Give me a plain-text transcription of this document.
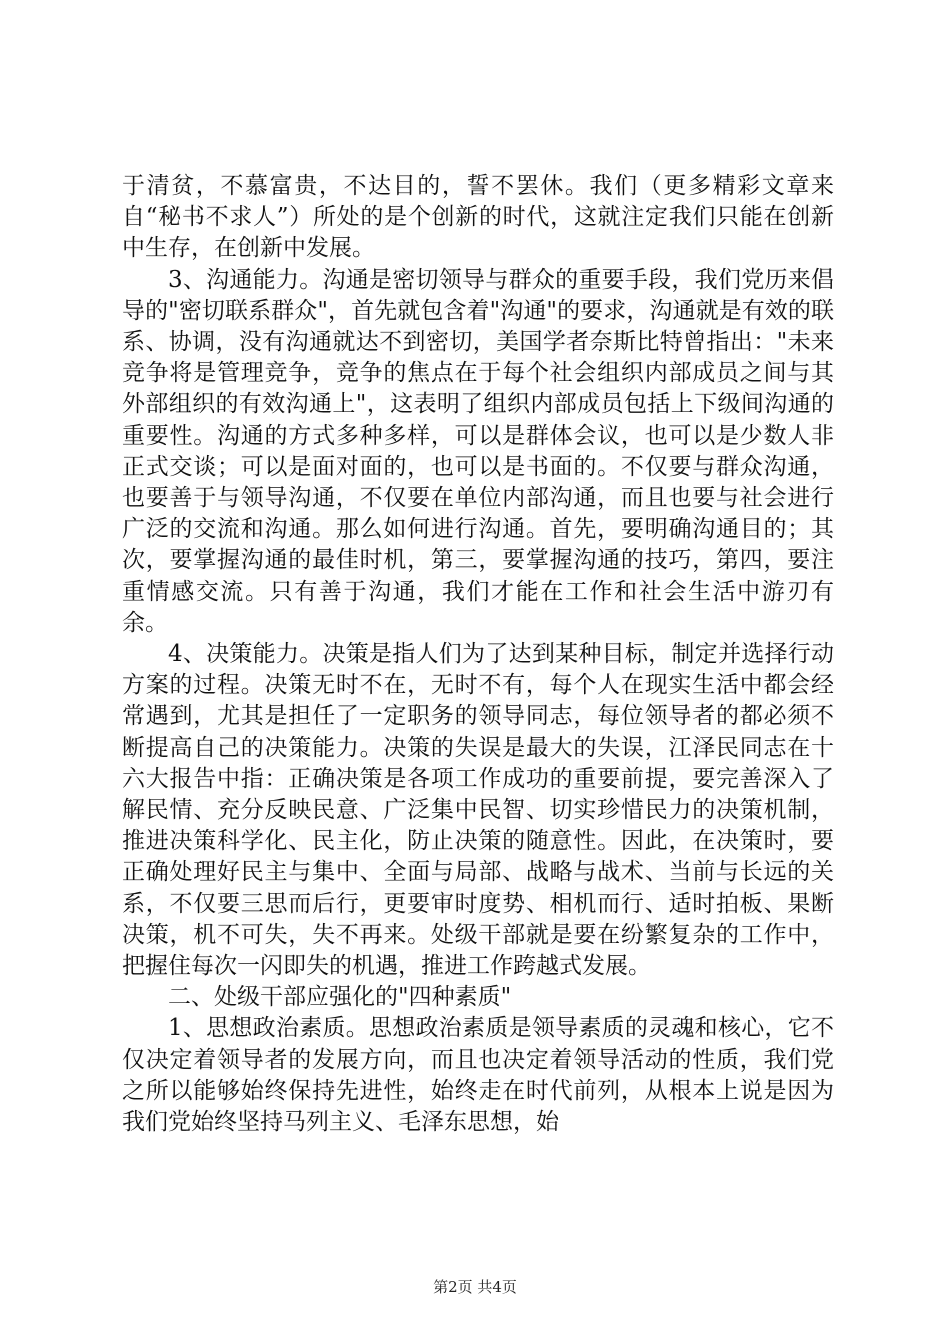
于清贫，不慕富贵，不达目的，誓不罢休。我们（更多精彩文章来自“秘书不求人”）所处的是个创新的时代，这就注定我们只能在创新中生存，在创新中发展。

3、沟通能力。沟通是密切领导与群众的重要手段，我们党历来倡导的"密切联系群众"，首先就包含着"沟通"的要求，沟通就是有效的联系、协调，没有沟通就达不到密切，美国学者奈斯比特曾指出："未来竞争将是管理竞争，竞争的焦点在于每个社会组织内部成员之间与其外部组织的有效沟通上"，这表明了组织内部成员包括上下级间沟通的重要性。沟通的方式多种多样，可以是群体会议，也可以是少数人非正式交谈；可以是面对面的，也可以是书面的。不仅要与群众沟通，也要善于与领导沟通，不仅要在单位内部沟通，而且也要与社会进行广泛的交流和沟通。那么如何进行沟通。首先，要明确沟通目的；其次，要掌握沟通的最佳时机，第三，要掌握沟通的技巧，第四，要注重情感交流。只有善于沟通，我们才能在工作和社会生活中游刃有余。

4、决策能力。决策是指人们为了达到某种目标，制定并选择行动方案的过程。决策无时不在，无时不有，每个人在现实生活中都会经常遇到，尤其是担任了一定职务的领导同志，每位领导者的都必须不断提高自己的决策能力。决策的失误是最大的失误，江泽民同志在十六大报告中指：正确决策是各项工作成功的重要前提，要完善深入了解民情、充分反映民意、广泛集中民智、切实珍惜民力的决策机制，推进决策科学化、民主化，防止决策的随意性。因此，在决策时，要正确处理好民主与集中、全面与局部、战略与战术、当前与长远的关系，不仅要三思而后行，更要审时度势、相机而行、适时拍板、果断决策，机不可失，失不再来。处级干部就是要在纷繁复杂的工作中，把握住每次一闪即失的机遇，推进工作跨越式发展。

二、处级干部应强化的"四种素质"

1、思想政治素质。思想政治素质是领导素质的灵魂和核心，它不仅决定着领导者的发展方向，而且也决定着领导活动的性质，我们党之所以能够始终保持先进性，始终走在时代前列，从根本上说是因为我们党始终坚持马列主义、毛泽东思想，始

第2页 共4页
